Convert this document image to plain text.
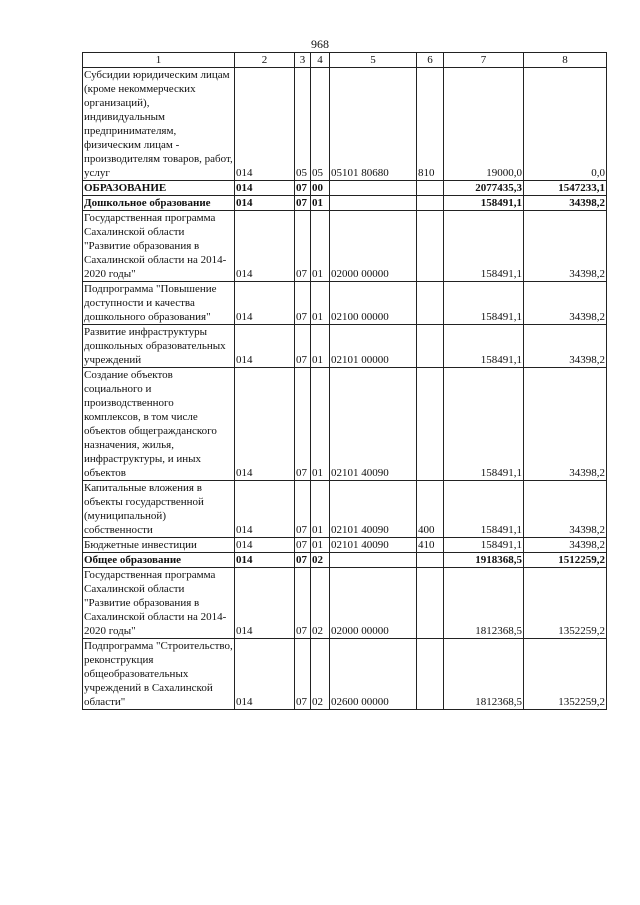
968
1	2	3	4	5	6	7	8
Субсидии юридическим лицам (кроме некоммерческих организаций), индивидуальным предпринимателям, физическим лицам - производителям товаров, работ, услуг	014	05	05	05101 80680	810	19000,0	0,0
ОБРАЗОВАНИЕ	014	07	00			2077435,3	1547233,1
Дошкольное образование	014	07	01			158491,1	34398,2
Государственная программа Сахалинской области "Развитие образования в Сахалинской области на 2014-2020 годы"	014	07	01	02000 00000		158491,1	34398,2
Подпрограмма "Повышение доступности и качества дошкольного образования"	014	07	01	02100 00000		158491,1	34398,2
Развитие инфраструктуры дошкольных образовательных учреждений	014	07	01	02101 00000		158491,1	34398,2
Создание объектов социального и производственного комплексов, в том числе объектов общегражданского назначения, жилья, инфраструктуры, и иных объектов	014	07	01	02101 40090		158491,1	34398,2
Капитальные вложения в объекты государственной (муниципальной) собственности	014	07	01	02101 40090	400	158491,1	34398,2
Бюджетные инвестиции	014	07	01	02101 40090	410	158491,1	34398,2
Общее образование	014	07	02			1918368,5	1512259,2
Государственная программа Сахалинской области "Развитие образования в Сахалинской области на 2014-2020 годы"	014	07	02	02000 00000		1812368,5	1352259,2
Подпрограмма "Строительство, реконструкция общеобразовательных учреждений в Сахалинской области"	014	07	02	02600 00000		1812368,5	1352259,2
